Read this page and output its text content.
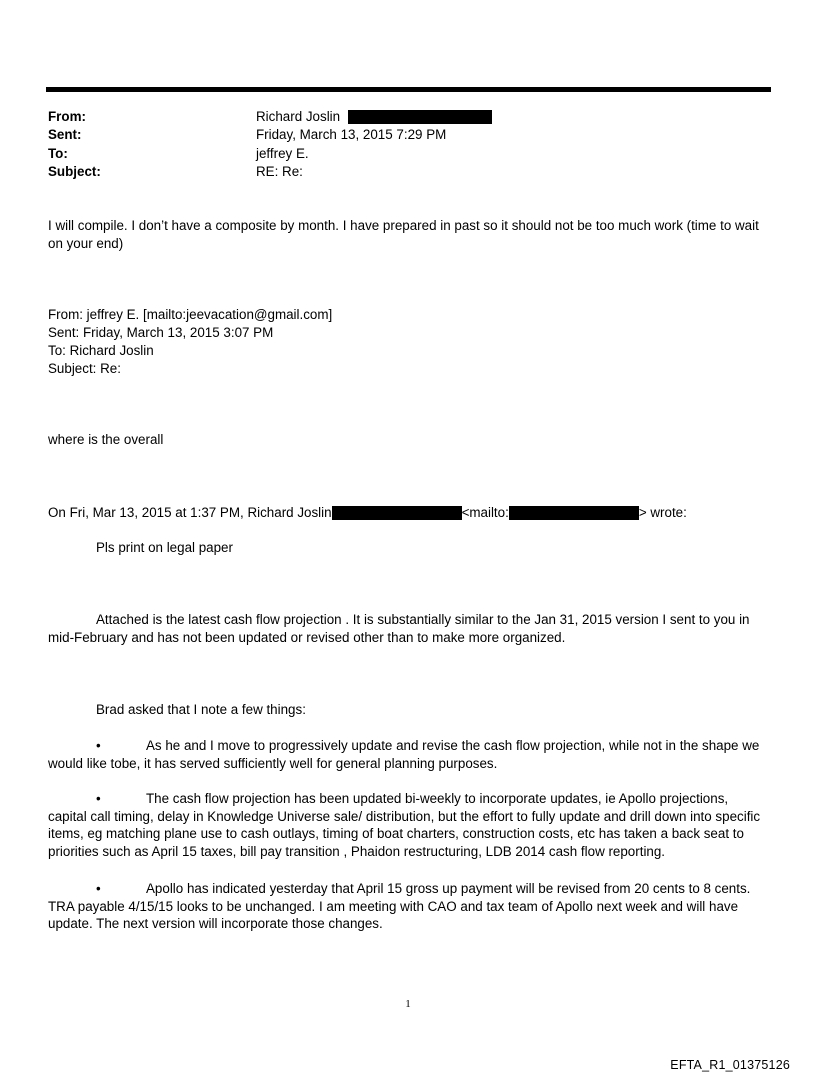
From:	Richard Joslin
Sent:	Friday, March 13, 2015 7:29 PM
To:	jeffrey E.
Subject:	RE: Re:
I will compile. I don’t have a composite by month. I have prepared in past so it should not be too much work (time to wait on your end)
From: jeffrey E. [mailto:jeevacation@gmail.com]
Sent: Friday, March 13, 2015 3:07 PM
To: Richard Joslin
Subject: Re:
where is the overall
On Fri, Mar 13, 2015 at 1:37 PM, Richard Joslin	<mailto:	> wrote:
Pls print on legal paper
Attached is the latest cash flow projection . It is substantially similar to the Jan 31, 2015 version I sent to you in mid-February and has not been updated or revised other than to make more organized.
Brad asked that I note a few things:
•	As he and I move to progressively update and revise the cash flow projection, while not in the shape we would like tobe, it has served sufficiently well for general planning purposes.
•	The cash flow projection has been updated bi-weekly to incorporate updates, ie Apollo projections, capital call timing, delay in Knowledge Universe sale/ distribution, but the effort to fully update and drill down into specific items, eg matching plane use to cash outlays, timing of boat charters, construction costs, etc has taken a back seat to priorities such as April 15 taxes, bill pay transition , Phaidon restructuring, LDB 2014 cash flow reporting.
•	Apollo has indicated yesterday that April 15 gross up payment will be revised from 20 cents to 8 cents. TRA payable 4/15/15 looks to be unchanged. I am meeting with CAO and tax team of Apollo next week and will have update. The next version will incorporate those changes.
1
EFTA_R1_01375126
